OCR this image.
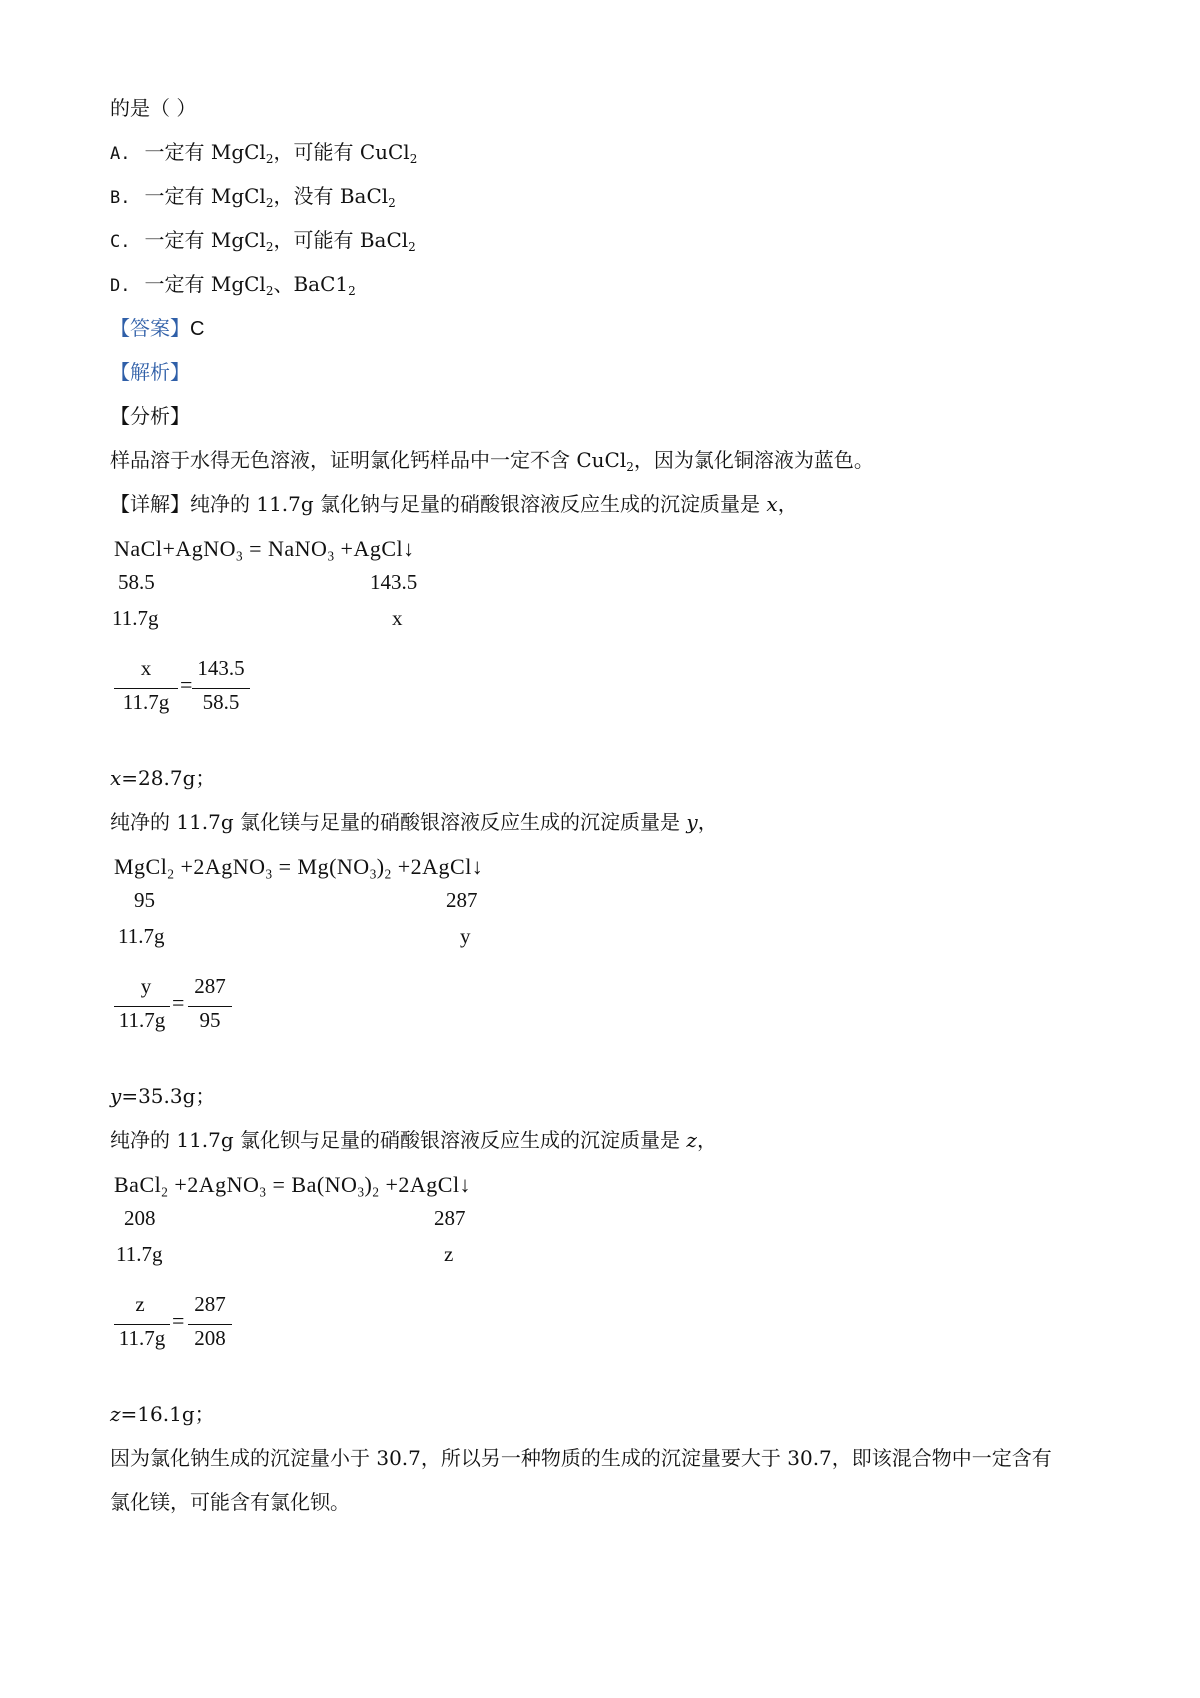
的是（ ）
A. 一定有 MgCl$_2$，可能有 CuCl$_2$
B. 一定有 MgCl$_2$，没有 BaCl$_2$
C. 一定有 MgCl$_2$，可能有 BaCl$_2$
D. 一定有 MgCl$_2$、$BaC1_2$
【答案】C
【解析】
【分析】
样品溶于水得无色溶液，证明氯化钙样品中一定不含 CuCl$_2$，因为氯化铜溶液为蓝色。
【详解】纯净的 11.7g 氯化钠与足量的硝酸银溶液反应生成的沉淀质量是 x，
NaCl+AgNO$_3$ = NaNO$_3$ +AgCl↓
58.5	143.5
11.7g	x
x
11.7g
=
143.5
58.5
x=28.7g；
纯净的 11.7g 氯化镁与足量的硝酸银溶液反应生成的沉淀质量是 y，
MgCl$_2$ +2AgNO$_3$ = $Mg(NO_3)_2$ +2AgCl↓
95	287
11.7g	y
y
11.7g
=
287
95
y=35.3g；
纯净的 11.7g 氯化钡与足量的硝酸银溶液反应生成的沉淀质量是 z，
BaCl$_2$ +2AgNO$_3$ = $Ba(NO_3)_2$ +2AgCl↓
208	287
11.7g	z
z
11.7g
=
287
208
z=16.1g；
因为氯化钠生成的沉淀量小于 30.7，所以另一种物质的生成的沉淀量要大于 30.7，即该混合物中一定含有
氯化镁，可能含有氯化钡。
